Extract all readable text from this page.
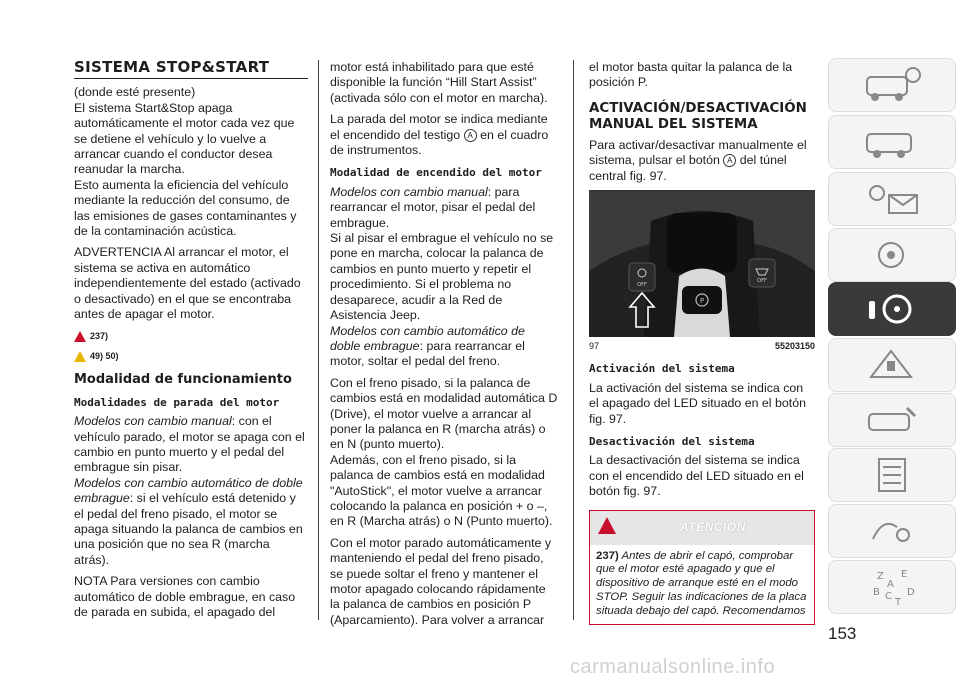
SISTEMA STOP&START

(donde esté presente)

El sistema Start&Stop apaga automáticamente el motor cada vez que se detiene el vehículo y lo vuelve a arrancar cuando el conductor desea reanudar la marcha.

Esto aumenta la eficiencia del vehículo mediante la reducción del consumo, de las emisiones de gases contaminantes y de la contaminación acústica.

ADVERTENCIA Al arrancar el motor, el sistema se activa en automático independientemente del estado (activado o desactivado) en el que se encontraba antes de apagar el motor.

237)
49) 50)
Modalidad de funcionamiento
Modalidades de parada del motor

Modelos con cambio manual: con el vehículo parado, el motor se apaga con el cambio en punto muerto y el pedal del embrague sin pisar.

Modelos con cambio automático de doble embrague: si el vehículo está detenido y el pedal del freno pisado, el motor se apaga situando la palanca de cambios en una posición que no sea R (marcha atrás).

NOTA Para versiones con cambio automático de doble embrague, en caso de parada en subida, el apagado del

motor está inhabilitado para que esté disponible la función “Hill Start Assist” (activada sólo con el motor en marcha).

La parada del motor se indica mediante el encendido del testigo A en el cuadro de instrumentos.

Modalidad de encendido del motor

Modelos con cambio manual: para rearrancar el motor, pisar el pedal del embrague.

Si al pisar el embrague el vehículo no se pone en marcha, colocar la palanca de cambios en punto muerto y repetir el procedimiento. Si el problema no desaparece, acudir a la Red de Asistencia Jeep.

Modelos con cambio automático de doble embrague: para rearrancar el motor, soltar el pedal del freno.

Con el freno pisado, si la palanca de cambios está en modalidad automática D (Drive), el motor vuelve a arrancar al poner la palanca en R (marcha atrás) o en N (punto muerto).

Además, con el freno pisado, si la palanca de cambios está en modalidad "AutoStick", el motor vuelve a arrancar colocando la palanca en posición + o –, en R (Marcha atrás) o N (Punto muerto).

Con el motor parado automáticamente y manteniendo el pedal del freno pisado, se puede soltar el freno y mantener el motor apagado colocando rápidamente la palanca de cambios en posición P (Aparcamiento). Para volver a arrancar

el motor basta quitar la palanca de la posición P.

ACTIVACIÓN/DESACTIVACIÓN MANUAL DEL SISTEMA

Para activar/desactivar manualmente el sistema, pulsar el botón A del túnel central fig. 97.

P
OFF
OFF
97	55203150
Activación del sistema

La activación del sistema se indica con el apagado del LED situado en el botón fig. 97.

Desactivación del sistema

La desactivación del sistema se indica con el encendido del LED situado en el botón fig. 97.

ATENCIÓN
237) Antes de abrir el capó, comprobar que el motor esté apagado y que el dispositivo de arranque esté en el modo STOP. Seguir las indicaciones de la placa situada debajo del capó. Recomendamos
Z E
B C D
T
A
153
carmanualsonline.info
